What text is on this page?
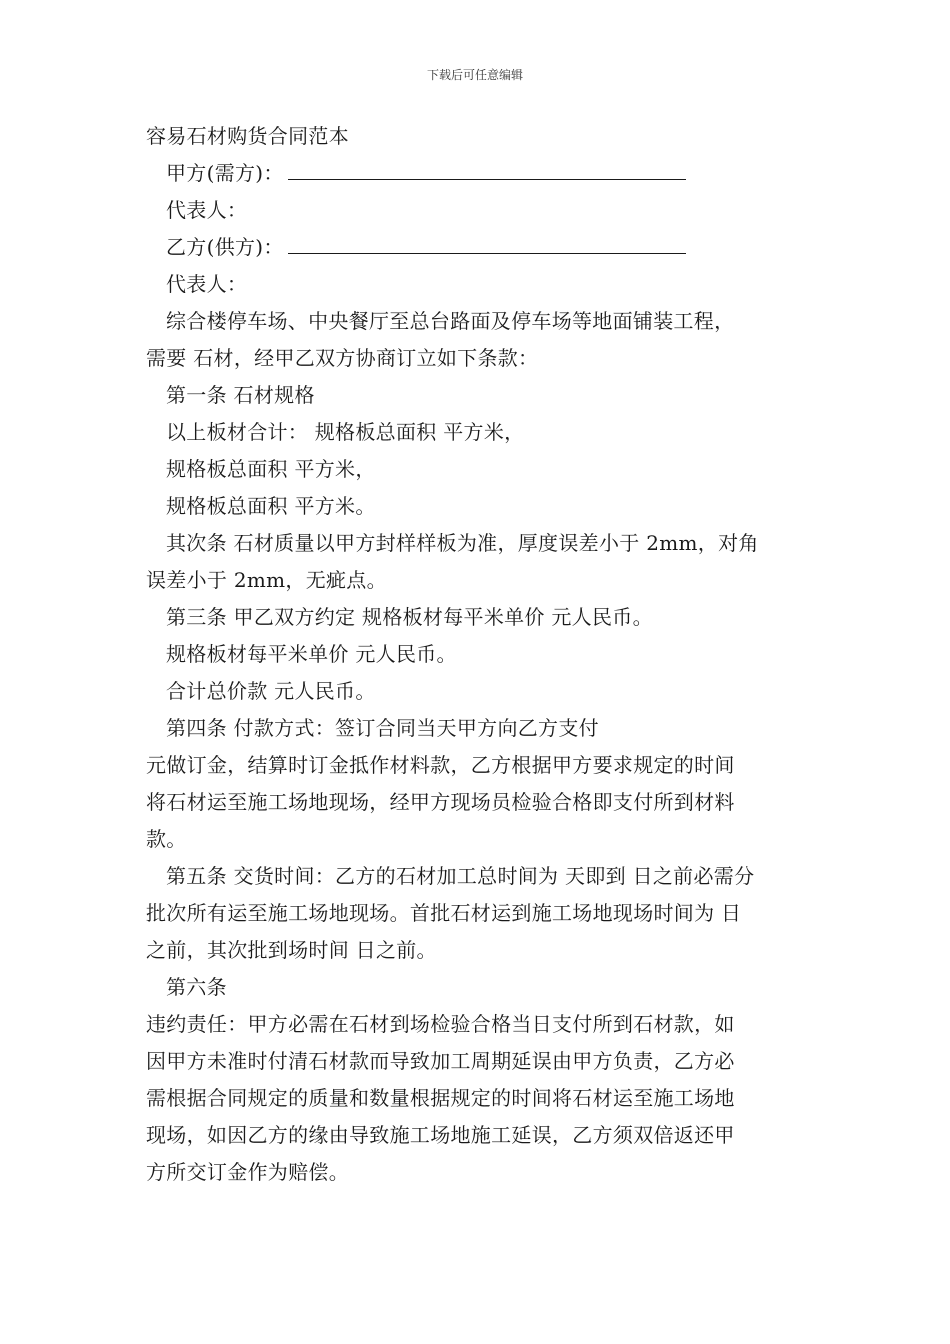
下载后可任意编辑
容易石材购货合同范本
甲方(需方)：
代表人：
乙方(供方)：
代表人：
综合楼停车场、中央餐厅至总台路面及停车场等地面铺装工程，
需要 石材，经甲乙双方协商订立如下条款：
第一条 石材规格
以上板材合计： 规格板总面积 平方米，
规格板总面积 平方米，
规格板总面积 平方米。
其次条 石材质量以甲方封样样板为准，厚度误差小于 2mm，对角
误差小于 2mm，无疵点。
第三条 甲乙双方约定 规格板材每平米单价 元人民币。
规格板材每平米单价 元人民币。
合计总价款 元人民币。
第四条 付款方式：签订合同当天甲方向乙方支付
元做订金，结算时订金抵作材料款，乙方根据甲方要求规定的时间
将石材运至施工场地现场，经甲方现场员检验合格即支付所到材料
款。
第五条 交货时间：乙方的石材加工总时间为 天即到 日之前必需分
批次所有运至施工场地现场。首批石材运到施工场地现场时间为 日
之前，其次批到场时间 日之前。
第六条
违约责任：甲方必需在石材到场检验合格当日支付所到石材款，如
因甲方未准时付清石材款而导致加工周期延误由甲方负责，乙方必
需根据合同规定的质量和数量根据规定的时间将石材运至施工场地
现场，如因乙方的缘由导致施工场地施工延误，乙方须双倍返还甲
方所交订金作为赔偿。
